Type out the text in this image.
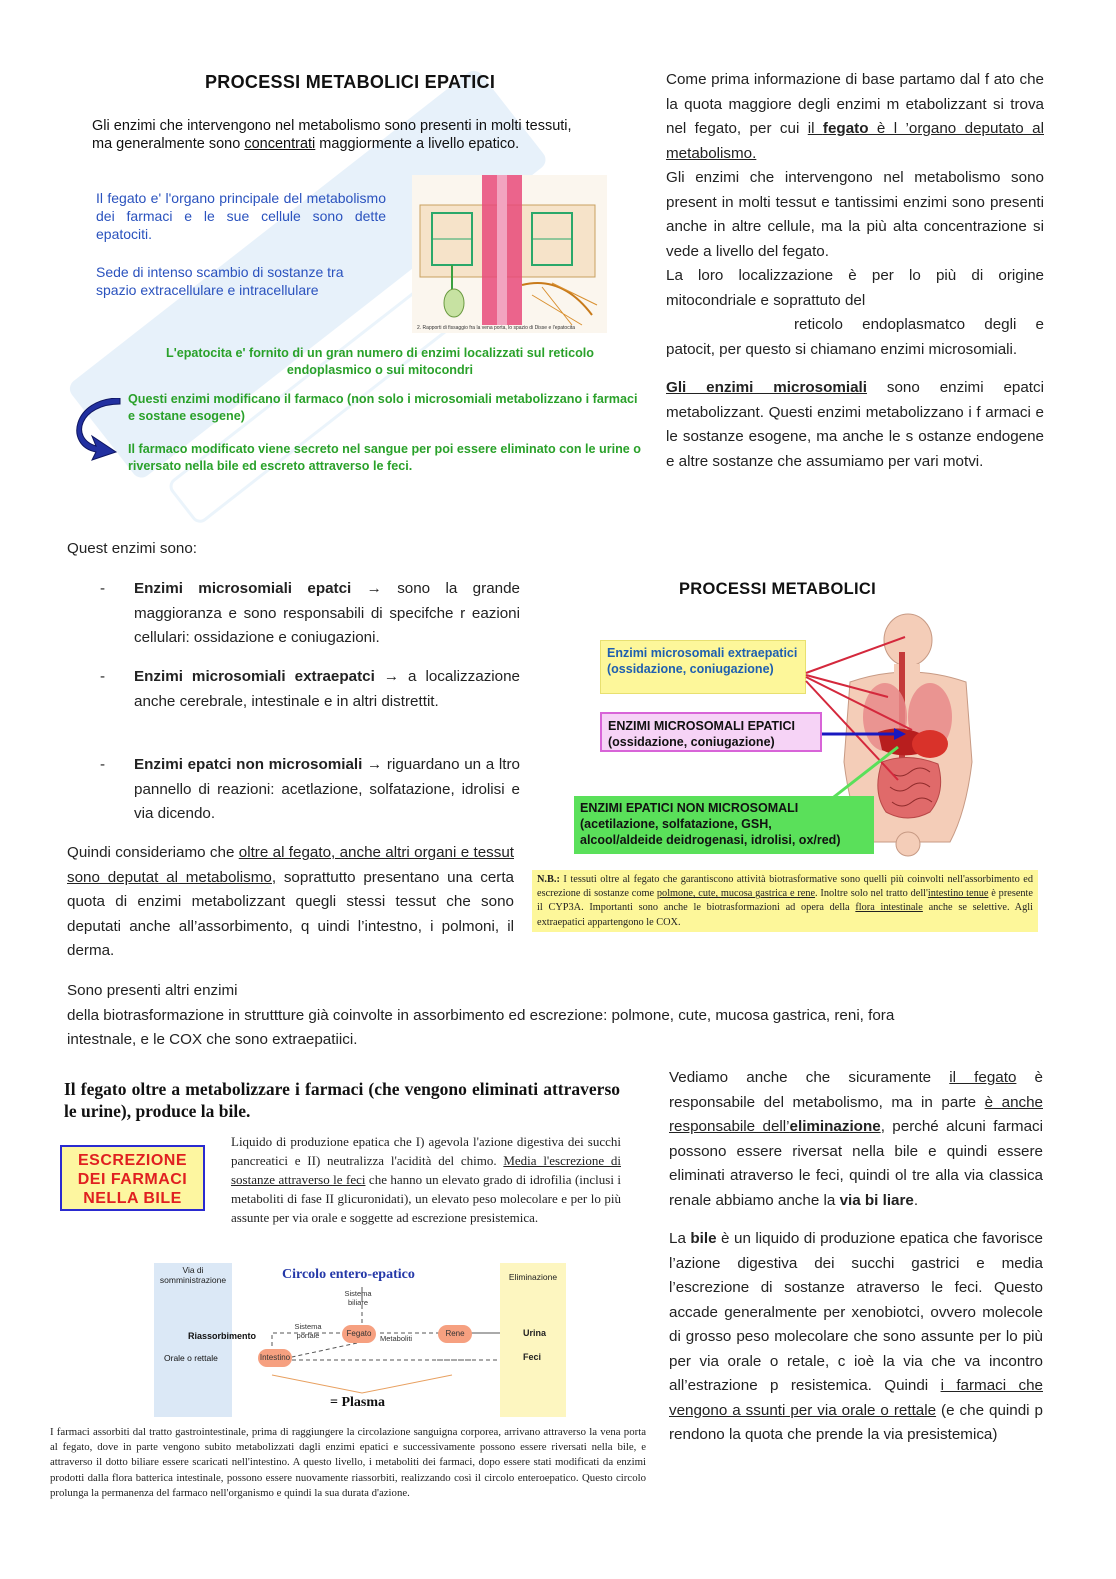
PROCESSI METABOLICI EPATICI
Gli enzimi che intervengono nel metabolismo sono presenti in molti tessuti,
ma generalmente sono concentrati maggiormente a livello epatico.
Il fegato e' l'organo principale del metabolismo dei farmaci e le sue cellule sono dette epatociti.
Sede di intenso scambio di sostanze tra spazio extracellulare e intracellulare
2. Rapporti di fissaggio fra la vena porta, lo spazio di Disse e l'epatocita
L'epatocita e' fornito di un gran numero di enzimi localizzati sul reticolo
endoplasmico o sui mitocondri
Questi enzimi modificano il farmaco (non solo i microsomiali metabolizzano i farmaci e sostane esogene)
Il farmaco modificato viene secreto nel sangue per poi essere eliminato con le urine o riversato nella bile ed escreto attraverso le feci.
Come prima informazione di base partamo dal f ato che la quota maggiore degli enzimi m etabolizzant si trova nel fegato, per cui il fegato è l ’organo deputato al metabolismo.
Gli enzimi che intervengono nel metabolismo sono present in molti tessut e tantissimi enzimi sono presenti anche in altre cellule, ma la più alta concentrazione si vede a livello del fegato.
La loro localizzazione è per lo più di origine mitocondriale e soprattuto del
reticolo endoplasmatco degli e patocit, per questo si chiamano enzimi microsomiali.
Gli enzimi microsomiali sono enzimi epatci metabolizzant. Questi enzimi metabolizzano i f armaci e le sostanze esogene, ma anche le s ostanze endogene e altre sostanze che assumiamo per vari motvi.
Quest enzimi sono:
- Enzimi microsomiali epatci → sono la grande maggioranza e sono responsabili di specifche r eazioni cellulari: ossidazione e coniugazioni.
- Enzimi microsomiali extraepatci → a localizzazione anche cerebrale, intestinale e in altri distrettit.
- Enzimi epatci non microsomiali → riguardano un a ltro pannello di reazioni: acetlazione, solfatazione, idrolisi e via dicendo.
Quindi consideriamo che oltre al fegato, anche altri organi e tessut sono deputat al metabolismo, soprattutto presentano una certa quota di enzimi metabolizzant quegli stessi tessut che sono deputati anche all’assorbimento, q uindi l’intestno, i polmoni, il derma.
PROCESSI METABOLICI
Enzimi microsomali extraepatici (ossidazione, coniugazione)
ENZIMI MICROSOMALI EPATICI
(ossidazione, coniugazione)
ENZIMI EPATICI NON MICROSOMALI
(acetilazione, solfatazione, GSH,
alcool/aldeide deidrogenasi, idrolisi, ox/red)
N.B.: I tessuti oltre al fegato che garantiscono attività biotrasformative sono quelli più coinvolti nell'assorbimento ed escrezione di sostanze come polmone, cute, mucosa gastrica e rene. Inoltre solo nel tratto dell'intestino tenue è presente il CYP3A. Importanti sono anche le biotrasformazioni ad opera della flora intestinale anche se selettive. Agli extraepatici appartengono le COX.
Sono presenti altri enzimi
della biotrasformazione in struttture già coinvolte in assorbimento ed escrezione: polmone, cute, mucosa gastrica, reni, fora
intestnale, e le COX che sono extraepatiici.
Il fegato oltre a metabolizzare i farmaci (che vengono eliminati attraverso le urine), produce la bile.
ESCREZIONE DEI FARMACI NELLA BILE
Liquido di produzione epatica che I) agevola l'azione digestiva dei succhi pancreatici e II) neutralizza l'acidità del chimo. Media l'escrezione di sostanze attraverso le feci che hanno un elevato grado di idrofilia (inclusi i metaboliti di fase II glicuronidati), un elevato peso molecolare e per lo più assunte per via orale e soggette ad escrezione presistemica.
Via di somministrazione	Eliminazione
Circolo entero-epatico
Sistema biliare
Sistema portale	Fegato
Metaboliti
Rene
Intestino
Urina
Feci
Riassorbimento
Orale o rettale
= Plasma
I farmaci assorbiti dal tratto gastrointestinale, prima di raggiungere la circolazione sanguigna corporea, arrivano attraverso la vena porta al fegato, dove in parte vengono subito metabolizzati dagli enzimi epatici e successivamente possono essere riversati nella bile, e attraverso il dotto biliare essere scaricati nell'intestino. A questo livello, i metaboliti dei farmaci, dopo essere stati modificati da enzimi prodotti dalla flora batterica intestinale, possono essere nuovamente riassorbiti, realizzando così il circolo enteroepatico. Questo circolo prolunga la permanenza del farmaco nell'organismo e quindi la sua durata d'azione.
Vediamo anche che sicuramente il fegato è responsabile del metabolismo, ma in parte è anche responsabile dell’eliminazione, perché alcuni farmaci possono essere riversat nella bile e quindi essere eliminati atraverso le feci, quindi ol tre alla via classica renale abbiamo anche la via bi liare.
La bile è un liquido di produzione epatica che favorisce l’azione digestiva dei succhi gastrici e media l’escrezione di sostanze atraverso le feci. Questo accade generalmente per xenobiotci, ovvero molecole di grosso peso molecolare che sono assunte per lo più per via orale o retale, c ioè la via che va incontro all’estrazione p resistemica. Quindi i farmaci che vengono a ssunti per via orale o rettale (e che quindi p rendono la quota che prende la via presistemica)
